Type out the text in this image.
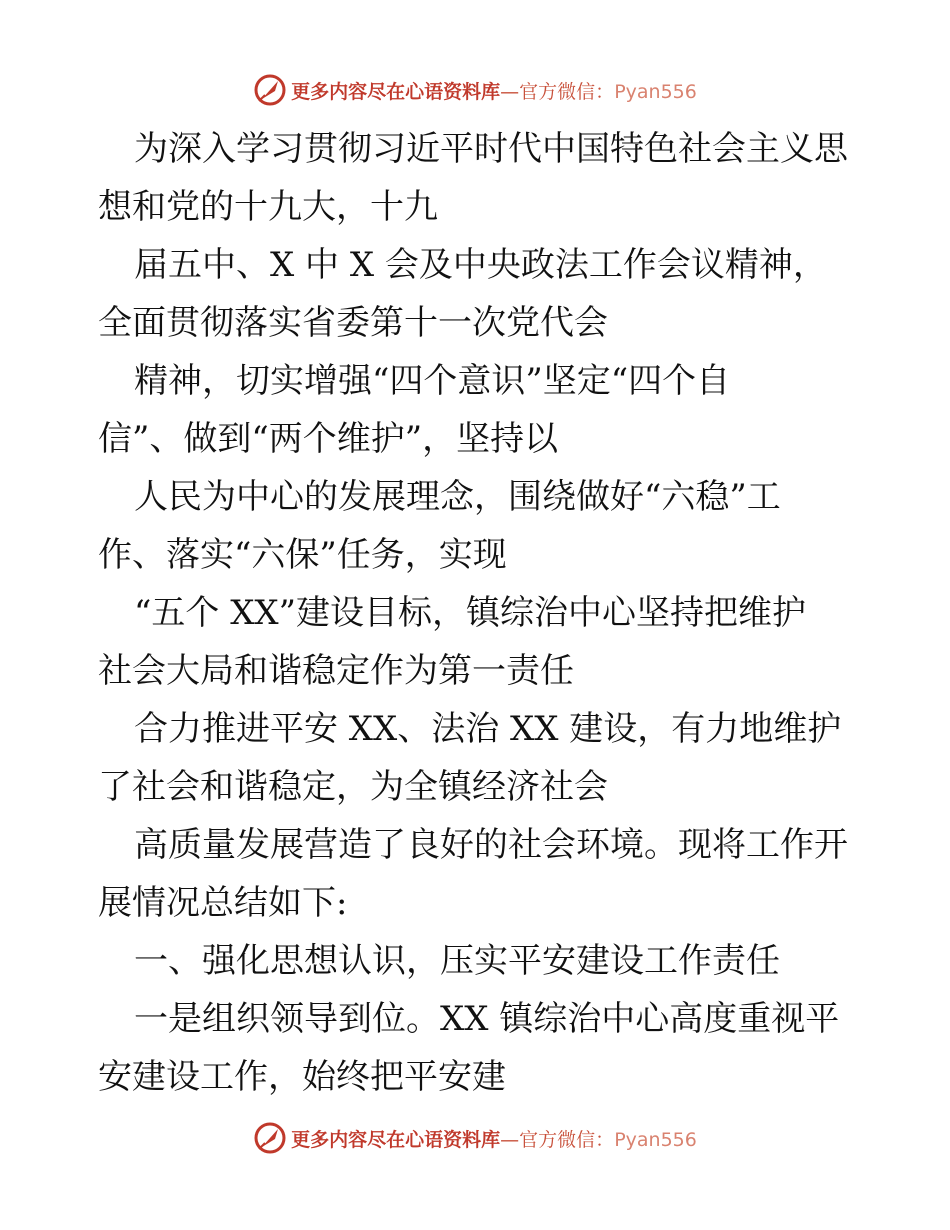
更多内容尽在心语资料库—官方微信：Pyan556
为深入学习贯彻习近平时代中国特色社会主义思
想和党的十九大，十九
届五中、X 中 X 会及中央政法工作会议精神，
全面贯彻落实省委第十一次党代会
精神，切实增强“四个意识”坚定“四个自
信”、做到“两个维护”，坚持以
人民为中心的发展理念，围绕做好“六稳”工
作、落实“六保”任务，实现
“五个 XX”建设目标，镇综治中心坚持把维护
社会大局和谐稳定作为第一责任
合力推进平安 XX、法治 XX 建设，有力地维护
了社会和谐稳定，为全镇经济社会
高质量发展营造了良好的社会环境。现将工作开
展情况总结如下:
一、强化思想认识，压实平安建设工作责任
一是组织领导到位。XX 镇综治中心高度重视平
安建设工作，始终把平安建
更多内容尽在心语资料库—官方微信：Pyan556
